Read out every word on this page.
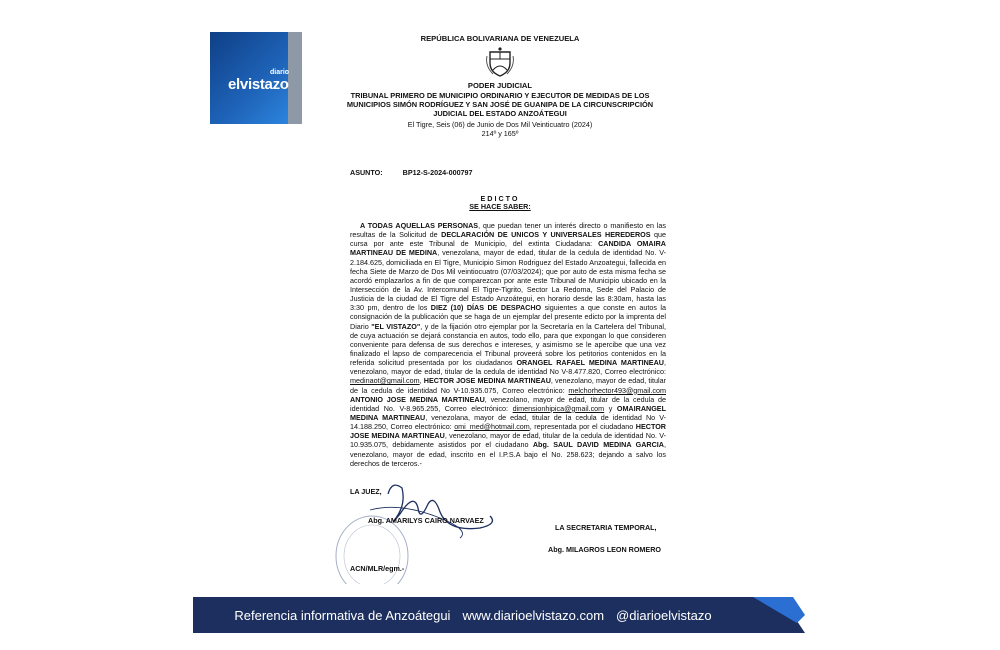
diario
elvistazo
REPÚBLICA BOLIVARIANA DE VENEZUELA
PODER JUDICIAL
TRIBUNAL PRIMERO DE MUNICIPIO ORDINARIO Y EJECUTOR DE MEDIDAS DE LOS MUNICIPIOS SIMÓN RODRÍGUEZ Y SAN JOSÉ DE GUANIPA DE LA CIRCUNSCRIPCIÓN JUDICIAL DEL ESTADO ANZOÁTEGUI
El Tigre, Seis (06) de Junio de Dos Mil Veinticuatro (2024)
214º y 165º
ASUNTO:	BP12-S-2024-000797
EDICTO
SE HACE SABER:

A TODAS AQUELLAS PERSONAS, que puedan tener un interés directo o manifiesto en las resultas de la Solicitud de DECLARACIÓN DE UNICOS Y UNIVERSALES HEREDEROS que cursa por ante este Tribunal de Municipio, del extinta Ciudadana: CANDIDA OMAIRA MARTINEAU DE MEDINA, venezolana, mayor de edad, titular de la cedula de identidad No. V-2.184.625, domiciliada en El Tigre, Municipio Simon Rodriguez del Estado Anzoategui, fallecida en fecha Siete de Marzo de Dos Mil veintiocuatro (07/03/2024); que por auto de esta misma fecha se acordó emplazarlos a fin de que comparezcan por ante este Tribunal de Municipio ubicado en la Intersección de la Av. Intercomunal El Tigre-Tigrito, Sector La Redoma, Sede del Palacio de Justicia de la ciudad de El Tigre del Estado Anzoátegui, en horario desde las 8:30am, hasta las 3:30 pm, dentro de los DIEZ (10) DÍAS DE DESPACHO siguientes a que conste en autos la consignación de la publicación que se haga de un ejemplar del presente edicto por la imprenta del Diario "EL VISTAZO", y de la fijación otro ejemplar por la Secretaría en la Cartelera del Tribunal, de cuya actuación se dejará constancia en autos, todo ello, para que expongan lo que consideren conveniente para defensa de sus derechos e intereses, y asimismo se le apercibe que una vez finalizado el lapso de comparecencia el Tribunal proveerá sobre los petitorios contenidos en la referida solicitud presentada por los ciudadanos ORANGEL RAFAEL MEDINA MARTINEAU, venezolano, mayor de edad, titular de la cedula de identidad No V-8.477.820, Correo electrónico: medinaot@gmail.com, HECTOR JOSE MEDINA MARTINEAU, venezolano, mayor de edad, titular de la cedula de identidad No V-10.935.075, Correo electrónico: melchorhector493@gmail.com ANTONIO JOSE MEDINA MARTINEAU, venezolano, mayor de edad, titular de la cedula de identidad No. V-8.965.255, Correo electrónico: dimensionhipica@gmail.com y OMAIRANGEL MEDINA MARTINEAU, venezolana, mayor de edad, titular de la cedula de identidad No V-14.188.250, Correo electrónico: omi_med@hotmail.com, representada por el ciudadano HECTOR JOSE MEDINA MARTINEAU, venezolano, mayor de edad, titular de la cedula de identidad No. V-10.935.075, debidamente asistidos por el ciudadano Abg. SAUL DAVID MEDINA GARCIA, venezolano, mayor de edad, inscrito en el I.P.S.A bajo el No. 258.623; dejando a salvo los derechos de terceros.-

LA JUEZ,
Abg. AMARILYS CAIRO NARVAEZ
LA SECRETARIA TEMPORAL,
Abg. MILAGROS LEON ROMERO
ACN/MLR/egm.-
Referencia informativa de Anzoátegui www.diarioelvistazo.com @diarioelvistazo
